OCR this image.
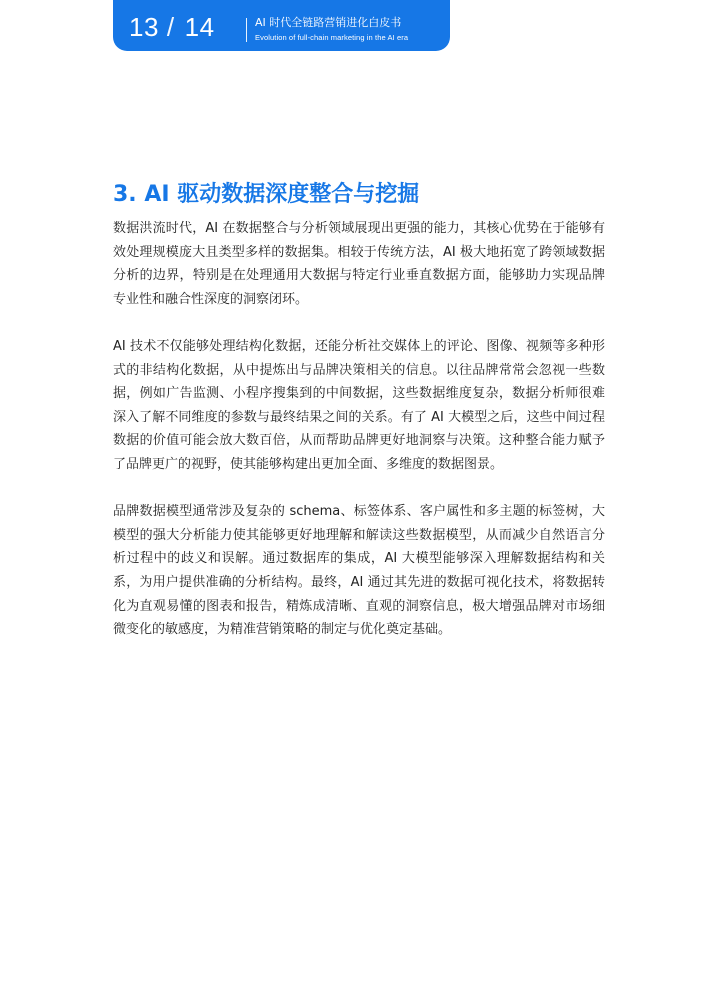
13 / 14	AI 时代全链路营销进化白皮书
Evolution of full-chain marketing in the AI era
3. AI 驱动数据深度整合与挖掘

数据洪流时代，AI 在数据整合与分析领域展现出更强的能力，其核心优势在于能够有效处理规模庞大且类型多样的数据集。相较于传统方法，AI 极大地拓宽了跨领域数据分析的边界，特别是在处理通用大数据与特定行业垂直数据方面，能够助力实现品牌专业性和融合性深度的洞察闭环。

AI 技术不仅能够处理结构化数据，还能分析社交媒体上的评论、图像、视频等多种形式的非结构化数据，从中提炼出与品牌决策相关的信息。以往品牌常常会忽视一些数据，例如广告监测、小程序搜集到的中间数据，这些数据维度复杂，数据分析师很难深入了解不同维度的参数与最终结果之间的关系。有了 AI 大模型之后，这些中间过程数据的价值可能会放大数百倍，从而帮助品牌更好地洞察与决策。这种整合能力赋予了品牌更广的视野，使其能够构建出更加全面、多维度的数据图景。

品牌数据模型通常涉及复杂的 schema、标签体系、客户属性和多主题的标签树，大模型的强大分析能力使其能够更好地理解和解读这些数据模型，从而减少自然语言分析过程中的歧义和误解。通过数据库的集成，AI 大模型能够深入理解数据结构和关系，为用户提供准确的分析结构。最终，AI 通过其先进的数据可视化技术，将数据转化为直观易懂的图表和报告，精炼成清晰、直观的洞察信息，极大增强品牌对市场细微变化的敏感度，为精准营销策略的制定与优化奠定基础。
